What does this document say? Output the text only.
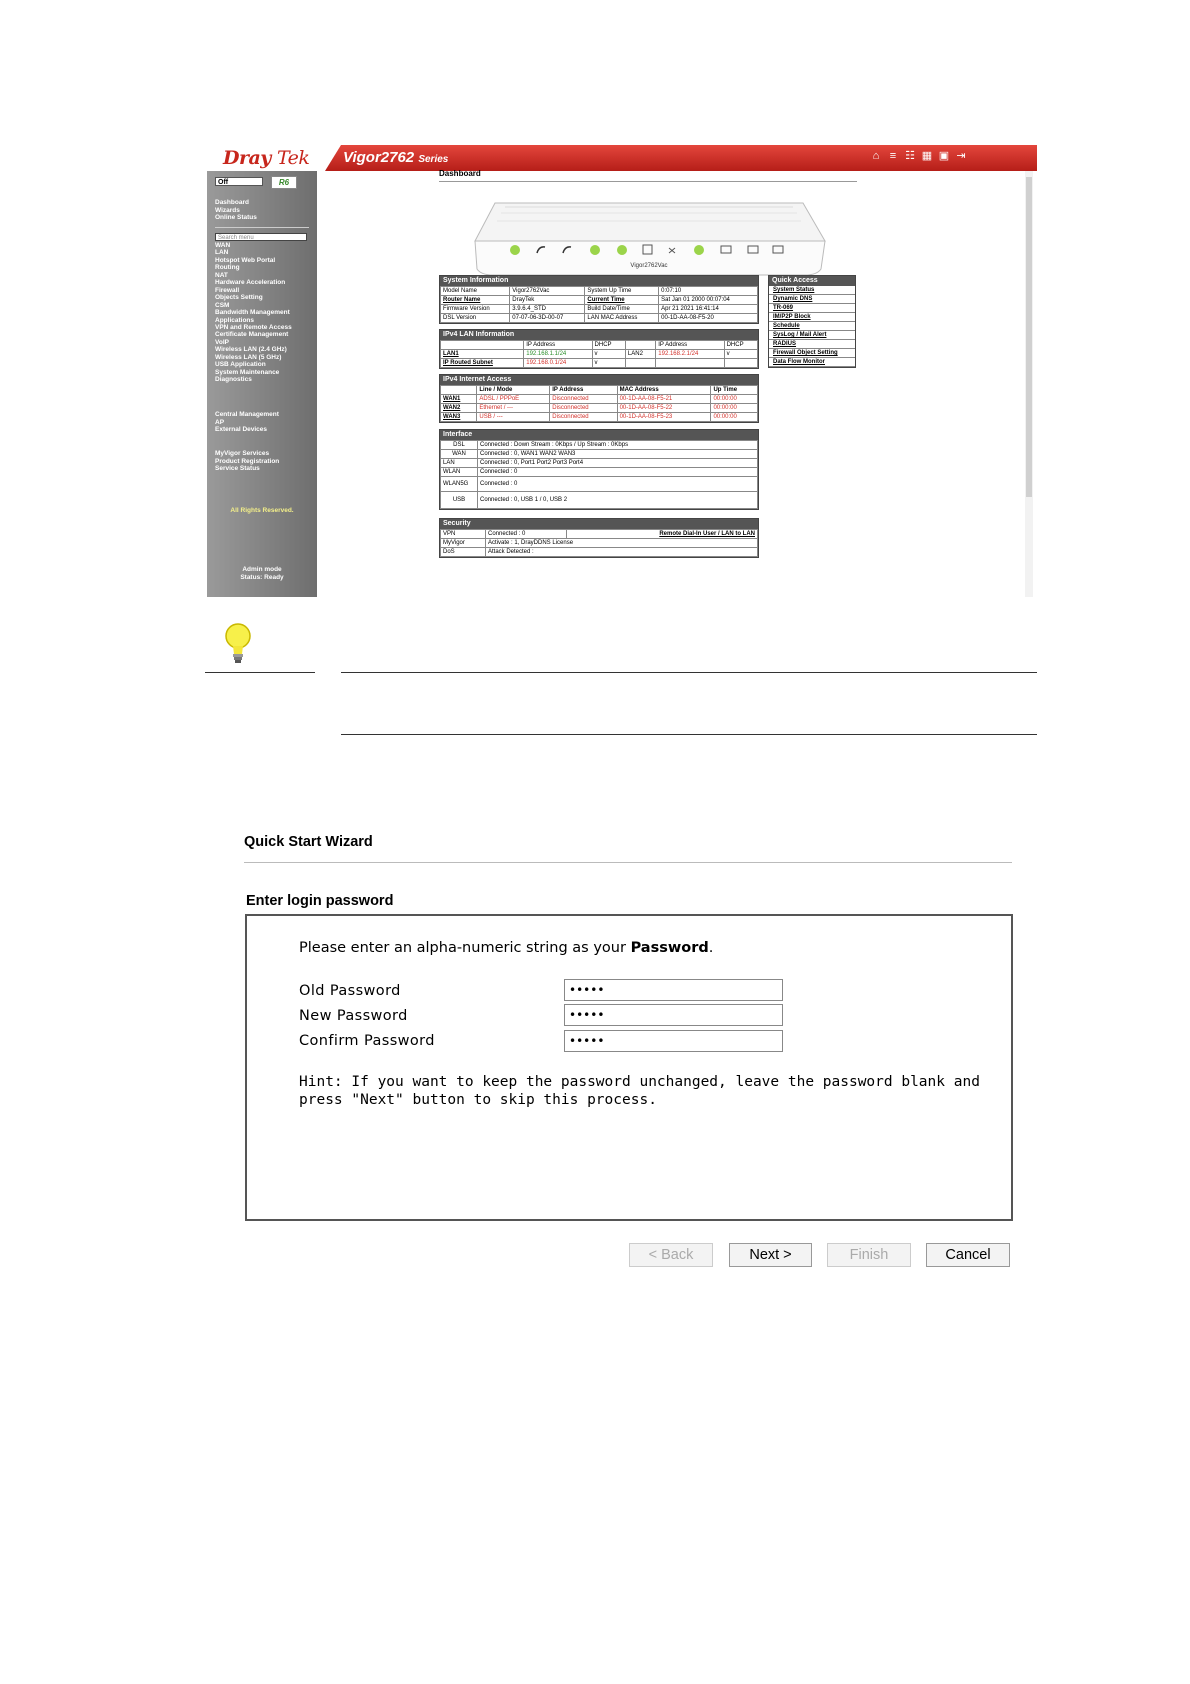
Dray Tek Vigor2762 Series	⌂ ≡ ☷ ▦ ▣ ⇥
Off	R6
Dashboard
Wizards
Online Status
Search menu
WAN
LAN
Hotspot Web Portal
Routing
NAT
Hardware Acceleration
Firewall
Objects Setting
CSM
Bandwidth Management
Applications
VPN and Remote Access
Certificate Management
VoIP
Wireless LAN (2.4 GHz)
Wireless LAN (5 GHz)
USB Application
System Maintenance
Diagnostics
Central Management
AP
External Devices
MyVigor Services
Product Registration
Service Status
All Rights Reserved.
Admin mode
Status: Ready
Dashboard
Vigor2762Vac
System Information
Model Name	Vigor2762Vac	System Up Time	0:07:10
Router Name	DrayTek	Current Time	Sat Jan 01 2000 00:07:04
Firmware Version	3.9.6.4_STD	Build Date/Time	Apr 21 2021 16:41:14
DSL Version	07-07-06-3D-00-07	LAN MAC Address	00-1D-AA-08-F5-20
Quick Access
System Status
Dynamic DNS
TR-069
IM/P2P Block
Schedule
SysLog / Mail Alert
RADIUS
Firewall Object Setting
Data Flow Monitor
IPv4 LAN Information
	IP Address	DHCP		IP Address	DHCP
LAN1	192.168.1.1/24	v	LAN2	192.168.2.1/24	v
IP Routed Subnet	192.168.0.1/24	v			
IPv4 Internet Access
	Line / Mode	IP Address	MAC Address	Up Time
WAN1	ADSL / PPPoE	Disconnected	00-1D-AA-08-F5-21	00:00:00
WAN2	Ethernet / ---	Disconnected	00-1D-AA-08-F5-22	00:00:00
WAN3	USB / ---	Disconnected	00-1D-AA-08-F5-23	00:00:00
Interface
DSL	Connected : Down Stream : 0Kbps / Up Stream : 0Kbps
WAN	Connected : 0, WAN1 WAN2 WAN3
LAN	Connected : 0, Port1 Port2 Port3 Port4
WLAN	Connected : 0
WLAN5G	Connected : 0
USB	Connected : 0, USB 1 / 0, USB 2
Security
VPN	Connected : 0	Remote Dial-In User / LAN to LAN
MyVigor	Activate : 1, DrayDDNS License	
DoS	Attack Detected :	
Quick Start Wizard
Enter login password
Please enter an alpha-numeric string as your Password.
Old Password
•••••
New Password
•••••
Confirm Password
•••••
Hint: If you want to keep the password unchanged, leave the password blank and press "Next" button to skip this process.
< Back	Next >	Finish	Cancel
